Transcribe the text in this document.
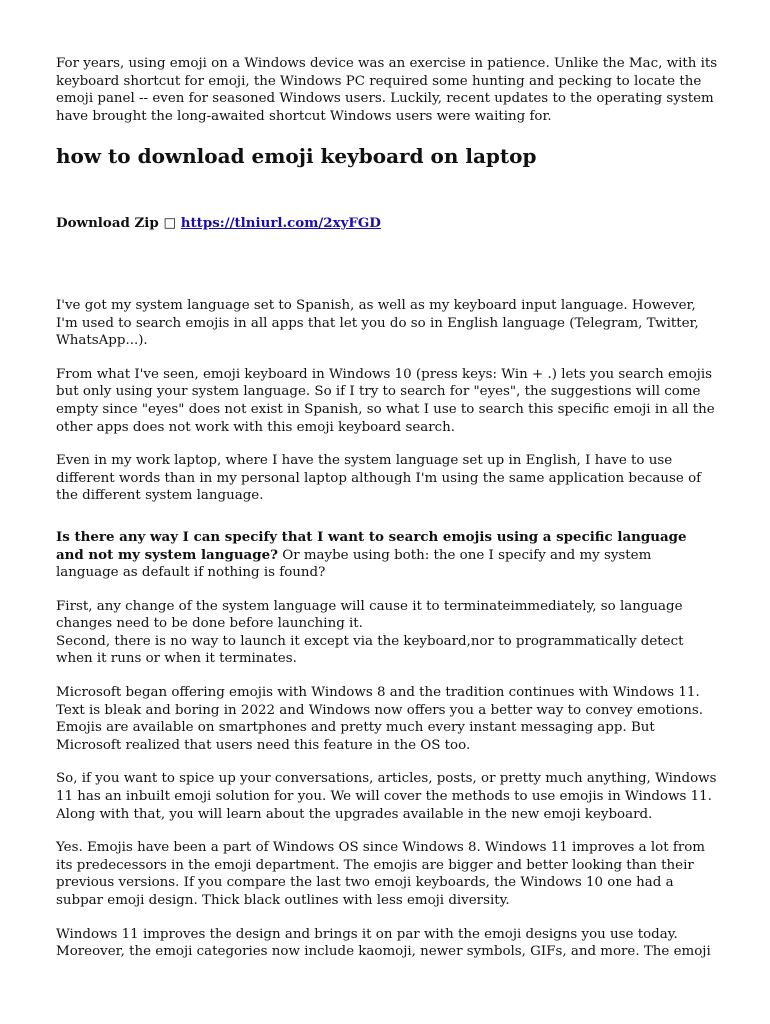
For years, using emoji on a Windows device was an exercise in patience. Unlike the Mac, with its keyboard shortcut for emoji, the Windows PC required some hunting and pecking to locate the emoji panel -- even for seasoned Windows users. Luckily, recent updates to the operating system have brought the long-awaited shortcut Windows users were waiting for.

how to download emoji keyboard on laptop

Download Zip □ https://tlniurl.com/2xyFGD

I've got my system language set to Spanish, as well as my keyboard input language. However, I'm used to search emojis in all apps that let you do so in English language (Telegram, Twitter, WhatsApp...).

From what I've seen, emoji keyboard in Windows 10 (press keys: Win + .) lets you search emojis but only using your system language. So if I try to search for "eyes", the suggestions will come empty since "eyes" does not exist in Spanish, so what I use to search this specific emoji in all the other apps does not work with this emoji keyboard search.

Even in my work laptop, where I have the system language set up in English, I have to use different words than in my personal laptop although I'm using the same application because of the different system language.

Is there any way I can specify that I want to search emojis using a specific language and not my system language? Or maybe using both: the one I specify and my system language as default if nothing is found?

First, any change of the system language will cause it to terminateimmediately, so language changes need to be done before launching it.
Second, there is no way to launch it except via the keyboard,nor to programmatically detect when it runs or when it terminates.

Microsoft began offering emojis with Windows 8 and the tradition continues with Windows 11. Text is bleak and boring in 2022 and Windows now offers you a better way to convey emotions. Emojis are available on smartphones and pretty much every instant messaging app. But Microsoft realized that users need this feature in the OS too.

So, if you want to spice up your conversations, articles, posts, or pretty much anything, Windows 11 has an inbuilt emoji solution for you. We will cover the methods to use emojis in Windows 11. Along with that, you will learn about the upgrades available in the new emoji keyboard.

Yes. Emojis have been a part of Windows OS since Windows 8. Windows 11 improves a lot from its predecessors in the emoji department. The emojis are bigger and better looking than their previous versions. If you compare the last two emoji keyboards, the Windows 10 one had a subpar emoji design. Thick black outlines with less emoji diversity.

Windows 11 improves the design and brings it on par with the emoji designs you use today. Moreover, the emoji categories now include kaomoji, newer symbols, GIFs, and more. The emoji
